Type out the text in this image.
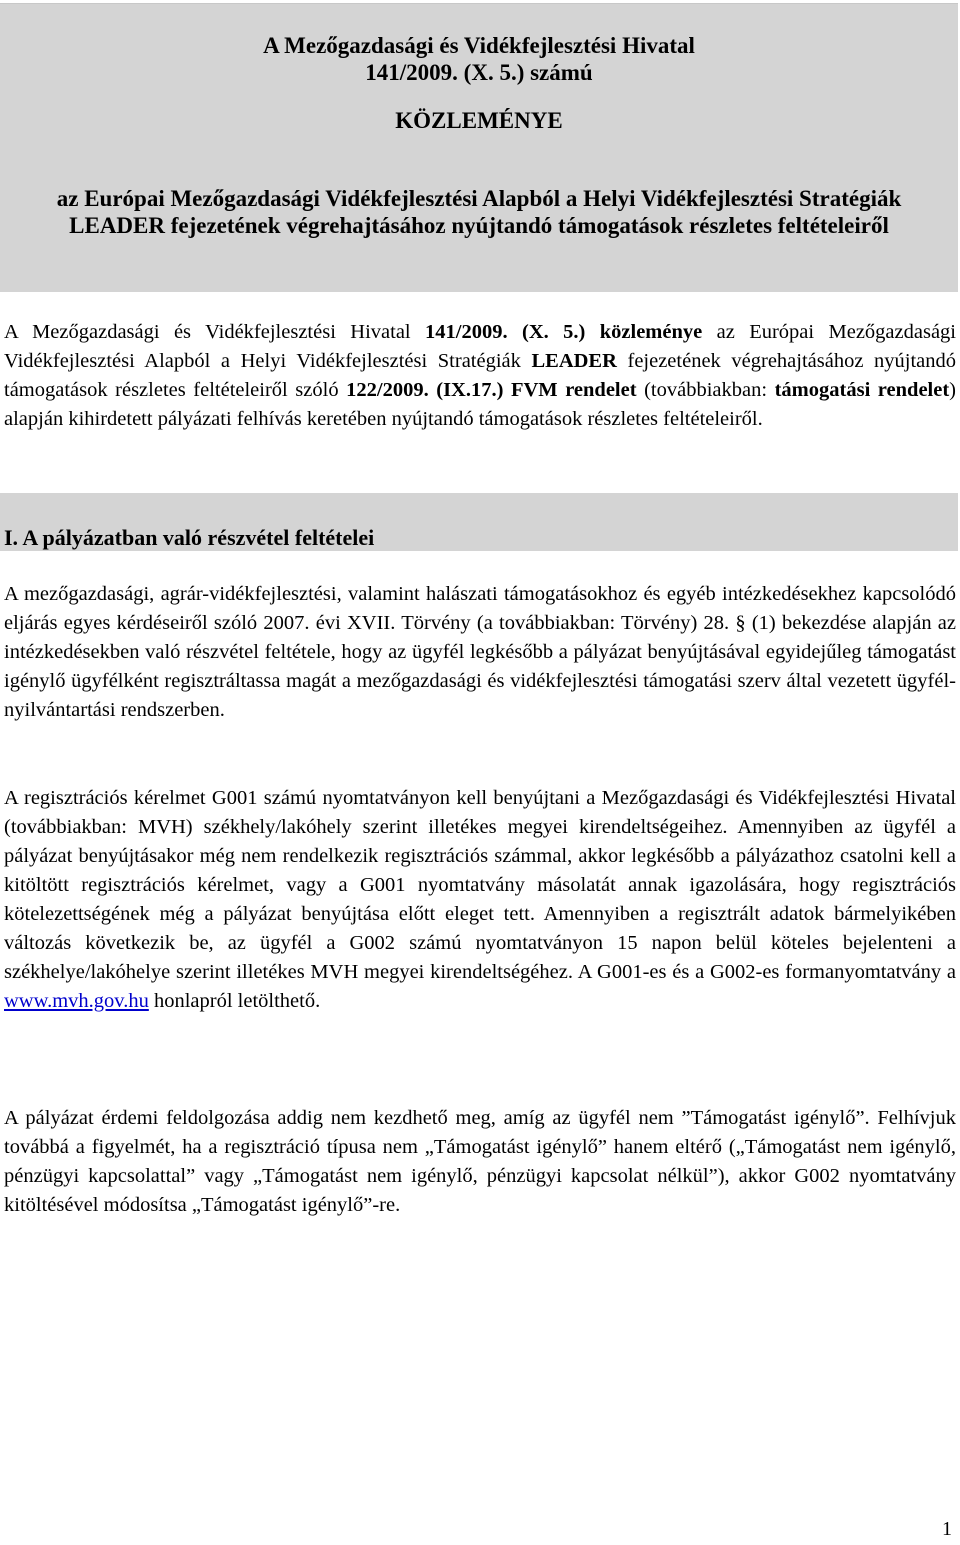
A Mezőgazdasági és Vidékfejlesztési Hivatal
141/2009. (X. 5.) számú

KÖZLEMÉNYE

az Európai Mezőgazdasági Vidékfejlesztési Alapból a Helyi Vidékfejlesztési Stratégiák
LEADER fejezetének végrehajtásához nyújtandó támogatások részletes feltételeiről

A Mezőgazdasági és Vidékfejlesztési Hivatal 141/2009. (X. 5.) közleménye az Európai Mezőgazdasági Vidékfejlesztési Alapból a Helyi Vidékfejlesztési Stratégiák LEADER fejezetének végrehajtásához nyújtandó támogatások részletes feltételeiről szóló 122/2009. (IX.17.) FVM rendelet (továbbiakban: támogatási rendelet) alapján kihirdetett pályázati felhívás keretében nyújtandó támogatások részletes feltételeiről.

I. A pályázatban való részvétel feltételei

A mezőgazdasági, agrár-vidékfejlesztési, valamint halászati támogatásokhoz és egyéb intézkedésekhez kapcsolódó eljárás egyes kérdéseiről szóló 2007. évi XVII. Törvény (a továbbiakban: Törvény) 28. § (1) bekezdése alapján az intézkedésekben való részvétel feltétele, hogy az ügyfél legkésőbb a pályázat benyújtásával egyidejűleg támogatást igénylő ügyfélként regisztráltassa magát a mezőgazdasági és vidékfejlesztési támogatási szerv által vezetett ügyfél-nyilvántartási rendszerben.

A regisztrációs kérelmet G001 számú nyomtatványon kell benyújtani a Mezőgazdasági és Vidékfejlesztési Hivatal (továbbiakban: MVH) székhely/lakóhely szerint illetékes megyei kirendeltségeihez. Amennyiben az ügyfél a pályázat benyújtásakor még nem rendelkezik regisztrációs számmal, akkor legkésőbb a pályázathoz csatolni kell a kitöltött regisztrációs kérelmet, vagy a G001 nyomtatvány másolatát annak igazolására, hogy regisztrációs kötelezettségének még a pályázat benyújtása előtt eleget tett. Amennyiben a regisztrált adatok bármelyikében változás következik be, az ügyfél a G002 számú nyomtatványon 15 napon belül köteles bejelenteni a székhelye/lakóhelye szerint illetékes MVH megyei kirendeltségéhez. A G001-es és a G002-es formanyomtatvány a www.mvh.gov.hu honlapról letölthető.

A pályázat érdemi feldolgozása addig nem kezdhető meg, amíg az ügyfél nem ”Támogatást igénylő”. Felhívjuk továbbá a figyelmét, ha a regisztráció típusa nem „Támogatást igénylő” hanem eltérő („Támogatást nem igénylő, pénzügyi kapcsolattal” vagy „Támogatást nem igénylő, pénzügyi kapcsolat nélkül”), akkor G002 nyomtatvány kitöltésével módosítsa „Támogatást igénylő”-re.

1
